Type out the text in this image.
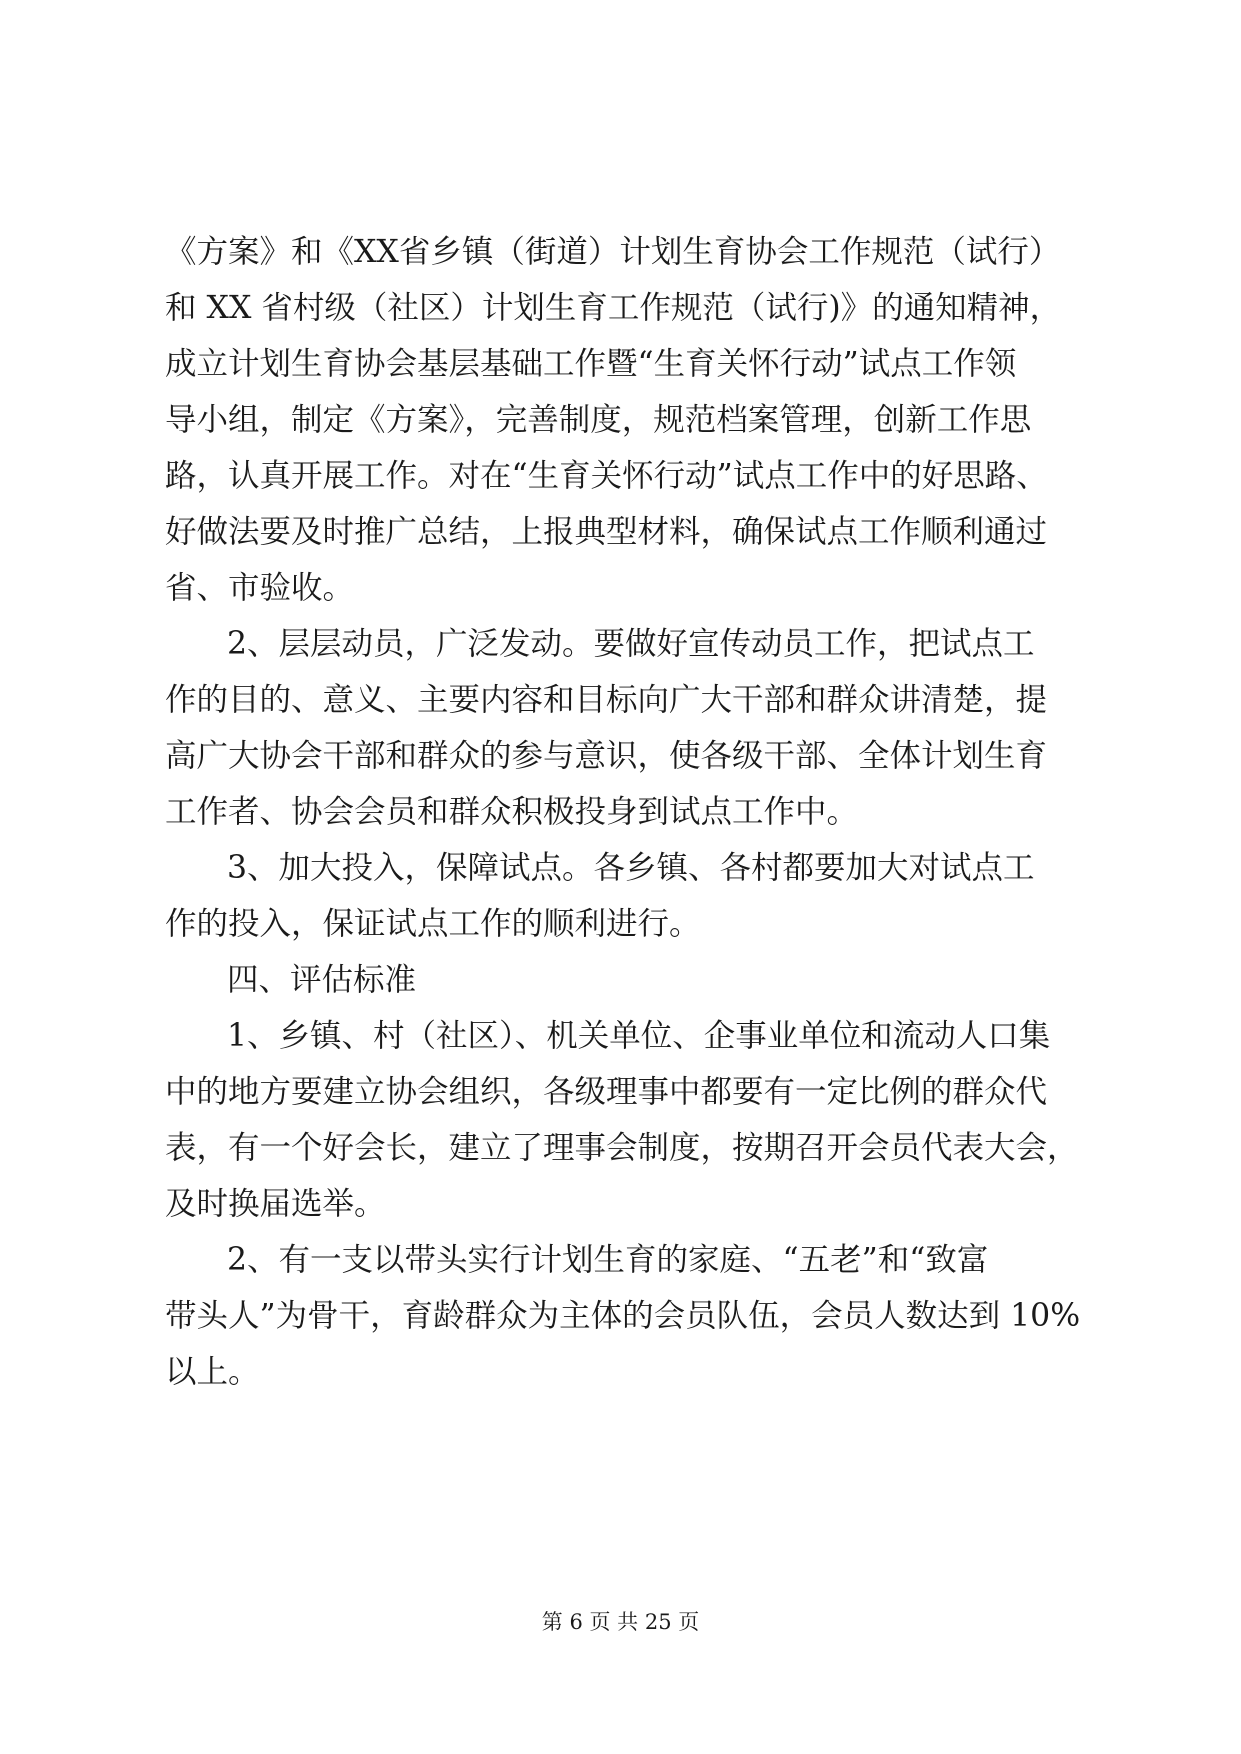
《方案》和《XX省乡镇（街道）计划生育协会工作规范（试行）
和 XX 省村级（社区）计划生育工作规范（试行)》的通知精神，
成立计划生育协会基层基础工作暨“生育关怀行动”试点工作领
导小组，制定《方案》，完善制度，规范档案管理，创新工作思
路，认真开展工作。对在“生育关怀行动”试点工作中的好思路、
好做法要及时推广总结，上报典型材料，确保试点工作顺利通过
省、市验收。
2、层层动员，广泛发动。要做好宣传动员工作，把试点工
作的目的、意义、主要内容和目标向广大干部和群众讲清楚，提
高广大协会干部和群众的参与意识，使各级干部、全体计划生育
工作者、协会会员和群众积极投身到试点工作中。
3、加大投入，保障试点。各乡镇、各村都要加大对试点工
作的投入，保证试点工作的顺利进行。
四、评估标准
1、乡镇、村（社区）、机关单位、企事业单位和流动人口集
中的地方要建立协会组织，各级理事中都要有一定比例的群众代
表，有一个好会长，建立了理事会制度，按期召开会员代表大会，
及时换届选举。
2、有一支以带头实行计划生育的家庭、“五老”和“致富
带头人”为骨干，育龄群众为主体的会员队伍，会员人数达到 10%
以上。
第 6 页 共 25 页
